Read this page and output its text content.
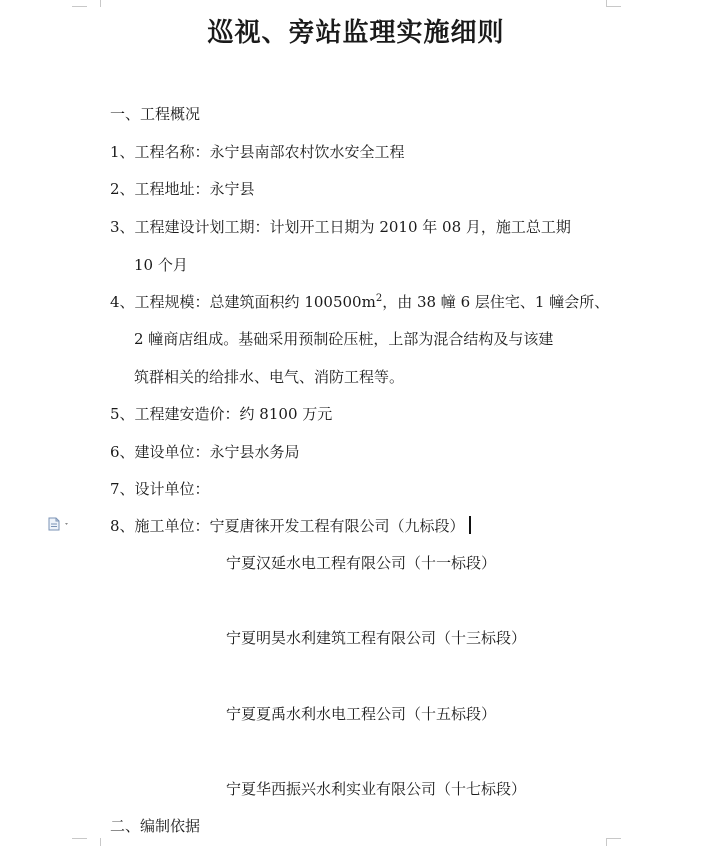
巡视、旁站监理实施细则
一、工程概况
1、工程名称：永宁县南部农村饮水安全工程
2、工程地址：永宁县
3、工程建设计划工期：计划开工日期为 2010 年 08 月，施工总工期
10 个月
4、工程规模：总建筑面积约 $100500m^2$，由 38 幢 6 层住宅、1 幢会所、
2 幢商店组成。基础采用预制砼压桩，上部为混合结构及与该建
筑群相关的给排水、电气、消防工程等。
5、工程建安造价：约 8100 万元
6、建设单位：永宁县水务局
7、设计单位：
8、施工单位：宁夏唐徕开发工程有限公司（九标段）
宁夏汉延水电工程有限公司（十一标段）
宁夏明昊水利建筑工程有限公司（十三标段）
宁夏夏禹水利水电工程公司（十五标段）
宁夏华西振兴水利实业有限公司（十七标段）
二、编制依据
